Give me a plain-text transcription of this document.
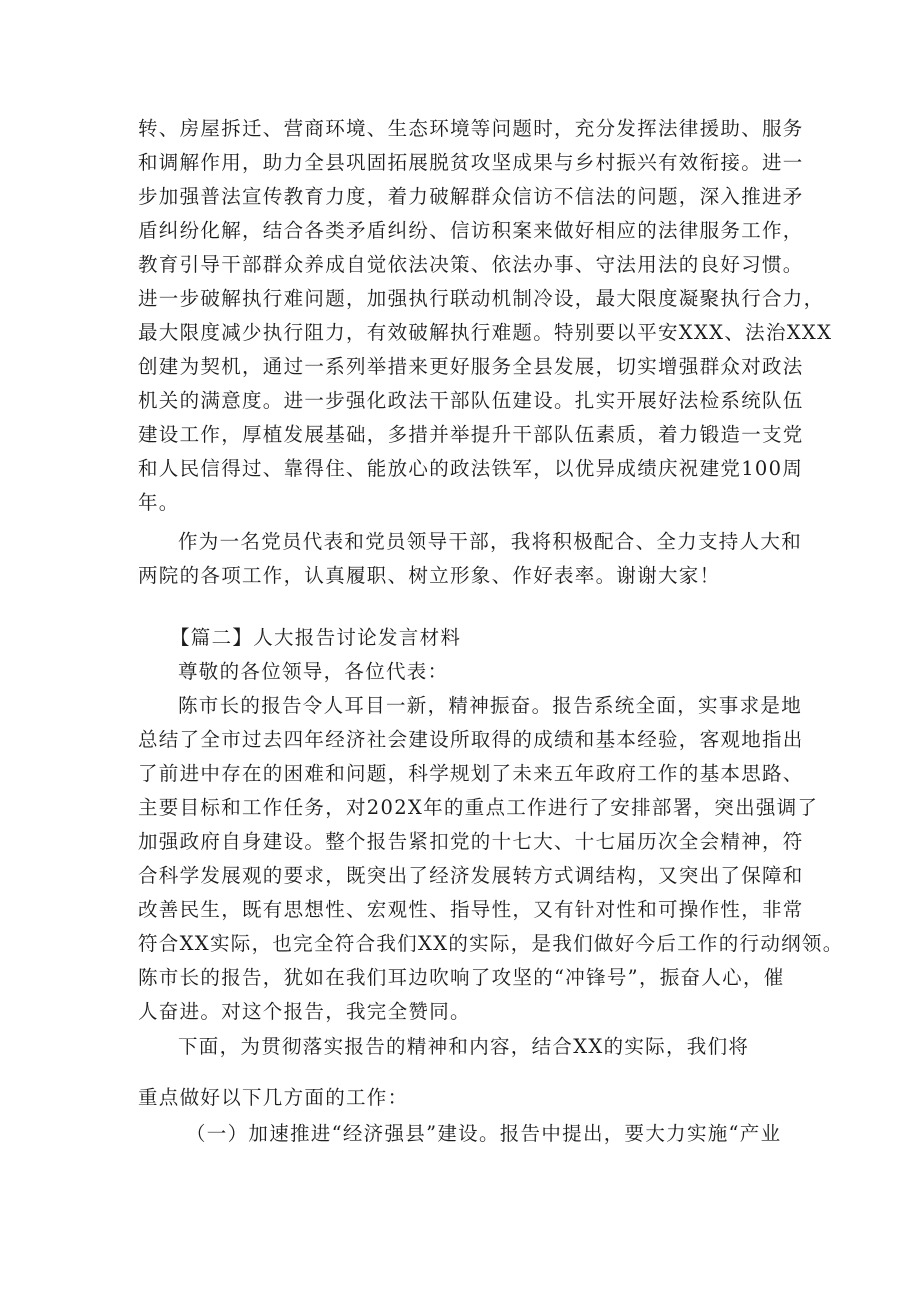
转、房屋拆迁、营商环境、生态环境等问题时，充分发挥法律援助、服务
和调解作用，助力全县巩固拓展脱贫攻坚成果与乡村振兴有效衔接。进一
步加强普法宣传教育力度，着力破解群众信访不信法的问题，深入推进矛
盾纠纷化解，结合各类矛盾纠纷、信访积案来做好相应的法律服务工作，
教育引导干部群众养成自觉依法决策、依法办事、守法用法的良好习惯。
进一步破解执行难问题，加强执行联动机制冷设，最大限度凝聚执行合力，
最大限度减少执行阻力，有效破解执行难题。特别要以平安XXX、法治XXX
创建为契机，通过一系列举措来更好服务全县发展，切实增强群众对政法
机关的满意度。进一步强化政法干部队伍建设。扎实开展好法检系统队伍
建设工作，厚植发展基础，多措并举提升干部队伍素质，着力锻造一支党
和人民信得过、靠得住、能放心的政法铁军，以优异成绩庆祝建党100周
年。
作为一名党员代表和党员领导干部，我将积极配合、全力支持人大和
两院的各项工作，认真履职、树立形象、作好表率。谢谢大家！
【篇二】人大报告讨论发言材料
尊敬的各位领导，各位代表：
陈市长的报告令人耳目一新，精神振奋。报告系统全面，实事求是地
总结了全市过去四年经济社会建设所取得的成绩和基本经验，客观地指出
了前进中存在的困难和问题，科学规划了未来五年政府工作的基本思路、
主要目标和工作任务，对202X年的重点工作进行了安排部署，突出强调了
加强政府自身建设。整个报告紧扣党的十七大、十七届历次全会精神，符
合科学发展观的要求，既突出了经济发展转方式调结构，又突出了保障和
改善民生，既有思想性、宏观性、指导性，又有针对性和可操作性，非常
符合XX实际，也完全符合我们XX的实际，是我们做好今后工作的行动纲领。
陈市长的报告，犹如在我们耳边吹响了攻坚的“冲锋号”，振奋人心，催
人奋进。对这个报告，我完全赞同。
下面，为贯彻落实报告的精神和内容，结合XX的实际，我们将
重点做好以下几方面的工作：
（一）加速推进“经济强县”建设。报告中提出，要大力实施“产业
